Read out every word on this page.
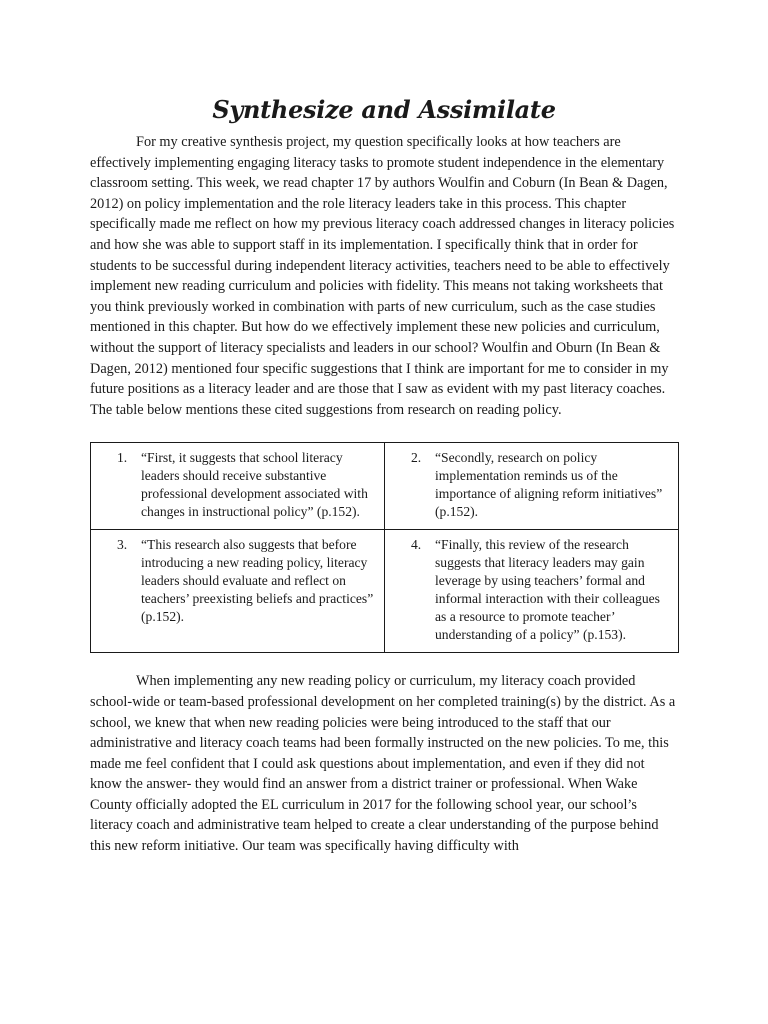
Synthesize and Assimilate

For my creative synthesis project, my question specifically looks at how teachers are effectively implementing engaging literacy tasks to promote student independence in the elementary classroom setting. This week, we read chapter 17 by authors Woulfin and Coburn (In Bean & Dagen, 2012) on policy implementation and the role literacy leaders take in this process. This chapter specifically made me reflect on how my previous literacy coach addressed changes in literacy policies and how she was able to support staff in its implementation. I specifically think that in order for students to be successful during independent literacy activities, teachers need to be able to effectively implement new reading curriculum and policies with fidelity. This means not taking worksheets that you think previously worked in combination with parts of new curriculum, such as the case studies mentioned in this chapter. But how do we effectively implement these new policies and curriculum, without the support of literacy specialists and leaders in our school? Woulfin and Oburn (In Bean & Dagen, 2012) mentioned four specific suggestions that I think are important for me to consider in my future positions as a literacy leader and are those that I saw as evident with my past literacy coaches. The table below mentions these cited suggestions from research on reading policy.

1. “First, it suggests that school literacy leaders should receive substantive professional development associated with changes in instructional policy” (p.152).	2. “Secondly, research on policy implementation reminds us of the importance of aligning reform initiatives” (p.152).

3. “This research also suggests that before introducing a new reading policy, literacy leaders should evaluate and reflect on teachers’ preexisting beliefs and practices” (p.152).	4. “Finally, this review of the research suggests that literacy leaders may gain leverage by using teachers’ formal and informal interaction with their colleagues as a resource to promote teacher’ understanding of a policy” (p.153).

When implementing any new reading policy or curriculum, my literacy coach provided school-wide or team-based professional development on her completed training(s) by the district. As a school, we knew that when new reading policies were being introduced to the staff that our administrative and literacy coach teams had been formally instructed on the new policies. To me, this made me feel confident that I could ask questions about implementation, and even if they did not know the answer- they would find an answer from a district trainer or professional. When Wake County officially adopted the EL curriculum in 2017 for the following school year, our school’s literacy coach and administrative team helped to create a clear understanding of the purpose behind this new reform initiative. Our team was specifically having difficulty with
